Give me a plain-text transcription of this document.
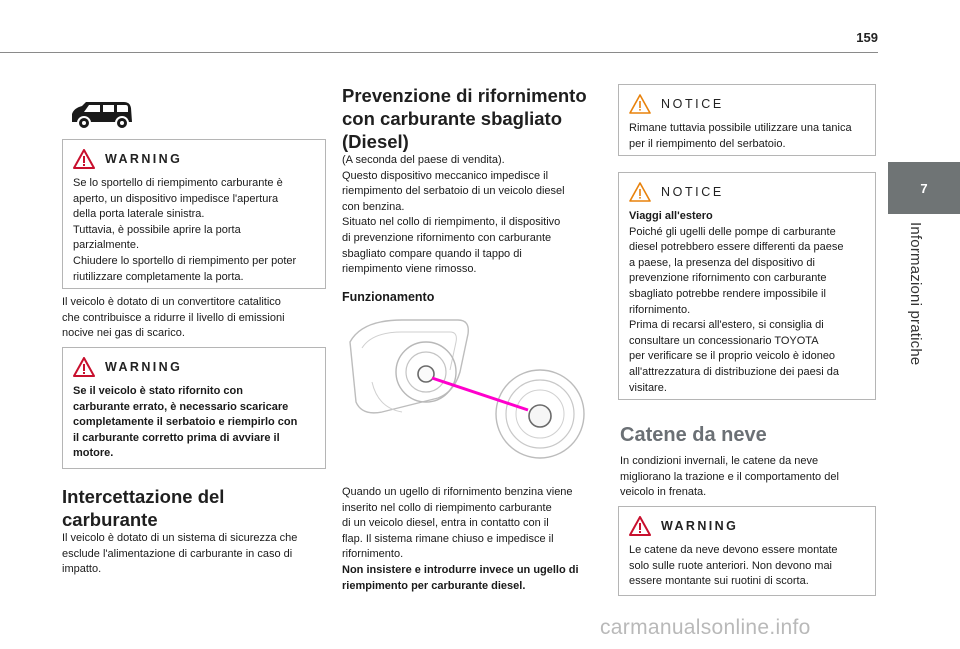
159
7
Informazioni pratiche
WARNING

Se lo sportello di riempimento carburante è
aperto, un dispositivo impedisce l'apertura
della porta laterale sinistra.
Tuttavia, è possibile aprire la porta
parzialmente.
Chiudere lo sportello di riempimento per poter
riutilizzare completamente la porta.

Il veicolo è dotato di un convertitore catalitico
che contribuisce a ridurre il livello di emissioni
nocive nei gas di scarico.

WARNING

Se il veicolo è stato rifornito con
carburante errato, è necessario scaricare
completamente il serbatoio e riempirlo con
il carburante corretto prima di avviare il
motore.

Intercettazione del
carburante

Il veicolo è dotato di un sistema di sicurezza che
esclude l'alimentazione di carburante in caso di
impatto.

Prevenzione di rifornimento
con carburante sbagliato
(Diesel)

(A seconda del paese di vendita).
Questo dispositivo meccanico impedisce il
riempimento del serbatoio di un veicolo diesel
con benzina.
Situato nel collo di riempimento, il dispositivo
di prevenzione rifornimento con carburante
sbagliato compare quando il tappo di
riempimento viene rimosso.

Funzionamento

Quando un ugello di rifornimento benzina viene
inserito nel collo di riempimento carburante
di un veicolo diesel, entra in contatto con il
flap. Il sistema rimane chiuso e impedisce il
rifornimento.

Non insistere e introdurre invece un ugello di
riempimento per carburante diesel.

NOTICE

Rimane tuttavia possibile utilizzare una tanica
per il riempimento del serbatoio.

NOTICE

Viaggi all'estero

Poiché gli ugelli delle pompe di carburante
diesel potrebbero essere differenti da paese
a paese, la presenza del dispositivo di
prevenzione rifornimento con carburante
sbagliato potrebbe rendere impossibile il
rifornimento.
Prima di recarsi all'estero, si consiglia di
consultare un concessionario TOYOTA
per verificare se il proprio veicolo è idoneo
all'attrezzatura di distribuzione dei paesi da
visitare.

Catene da neve

In condizioni invernali, le catene da neve
migliorano la trazione e il comportamento del
veicolo in frenata.

WARNING

Le catene da neve devono essere montate
solo sulle ruote anteriori. Non devono mai
essere montante sui ruotini di scorta.

carmanualsonline.info
